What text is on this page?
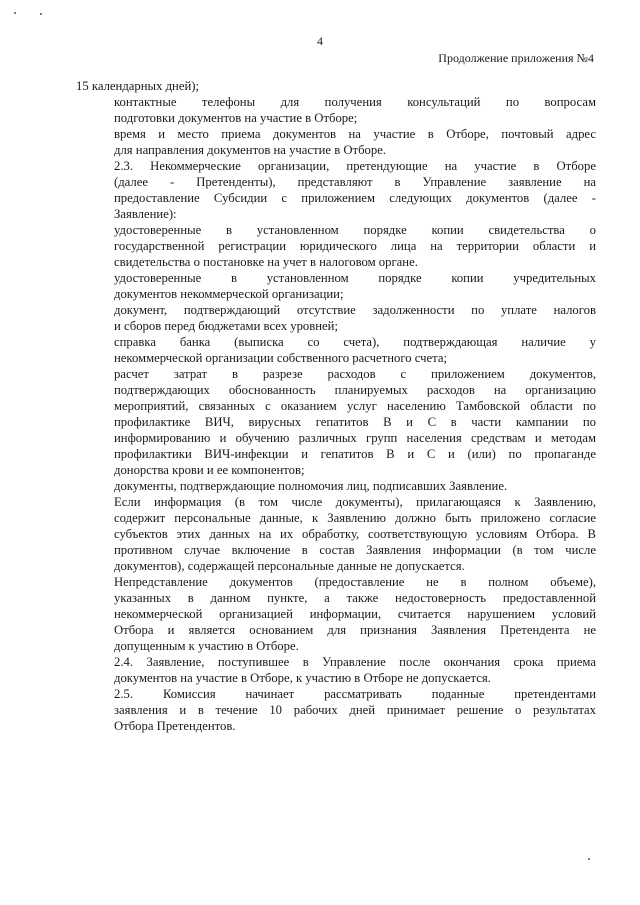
4
Продолжение приложения №4

15 календарных дней);

контактные телефоны для получения консультаций по вопросам
подготовки документов на участие в Отборе;

время и место приема документов на участие в Отборе, почтовый адрес
для направления документов на участие в Отборе.

2.3. Некоммерческие организации, претендующие на участие в Отборе
(далее - Претенденты), представляют в Управление заявление на
предоставление Субсидии с приложением следующих документов (далее -
Заявление):

удостоверенные в установленном порядке копии свидетельства о
государственной регистрации юридического лица на территории области и
свидетельства о постановке на учет в налоговом органе.

удостоверенные в установленном порядке копии учредительных
документов некоммерческой организации;

документ, подтверждающий отсутствие задолженности по уплате налогов
и сборов перед бюджетами всех уровней;

справка банка (выписка со счета), подтверждающая наличие у
некоммерческой организации собственного расчетного счета;

расчет затрат в разрезе расходов с приложением документов,
подтверждающих обоснованность планируемых расходов на организацию
мероприятий, связанных с оказанием услуг населению Тамбовской области по
профилактике ВИЧ, вирусных гепатитов В и С в части кампании по
информированию и обучению различных групп населения средствам и методам
профилактики ВИЧ-инфекции и гепатитов В и С и (или) по пропаганде
донорства крови и ее компонентов;

документы, подтверждающие полномочия лиц, подписавших Заявление.

Если информация (в том числе документы), прилагающаяся к Заявлению,
содержит персональные данные, к Заявлению должно быть приложено согласие
субъектов этих данных на их обработку, соответствующую условиям Отбора. В
противном случае включение в состав Заявления информации (в том числе
документов), содержащей персональные данные не допускается.

Непредставление документов (предоставление не в полном объеме),
указанных в данном пункте, а также недостоверность предоставленной
некоммерческой организацией информации, считается нарушением условий
Отбора и является основанием для признания Заявления Претендента не
допущенным к участию в Отборе.

2.4. Заявление, поступившее в Управление после окончания срока приема
документов на участие в Отборе, к участию в Отборе не допускается.

2.5. Комиссия начинает рассматривать поданные претендентами
заявления и в течение 10 рабочих дней принимает решение о результатах
Отбора Претендентов.
